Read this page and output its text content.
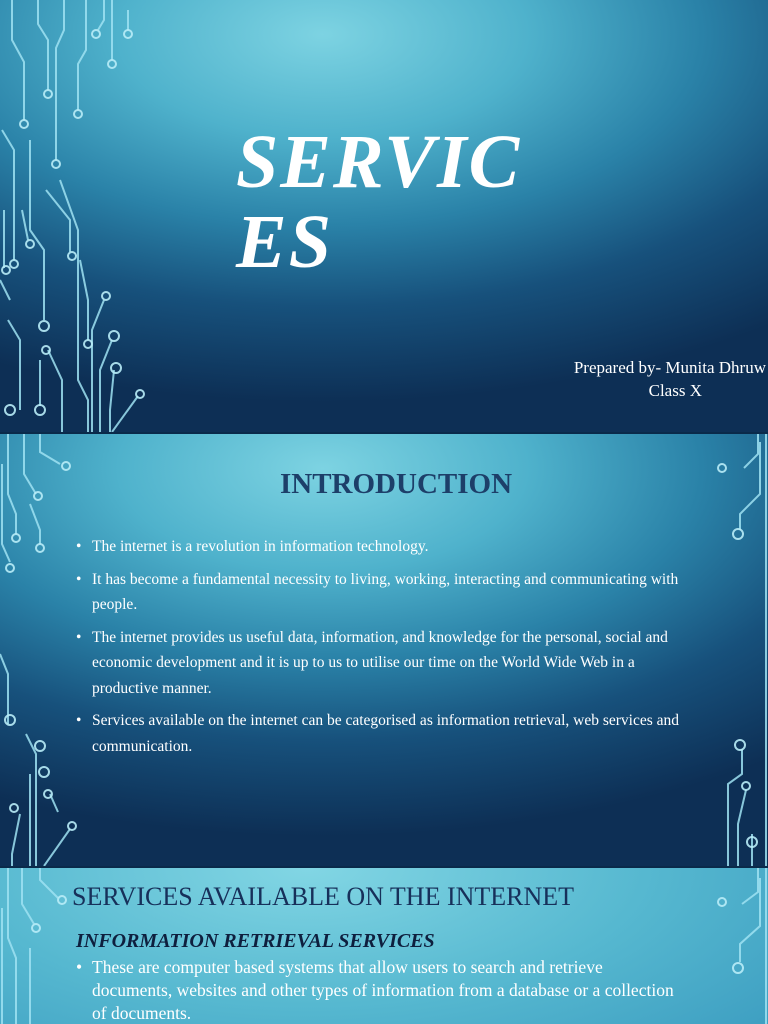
SERVIC
ES

Prepared by- Munita Dhruw
Class X

INTRODUCTION
• The internet is a revolution in information technology.
• It has become a fundamental necessity to living, working, interacting and communicating with people.
• The internet provides us useful data, information, and knowledge for the personal, social and economic development and it is up to us to utilise our time on the World Wide Web in a productive manner.
• Services available on the internet can be categorised as information retrieval, web services and communication.
SERVICES AVAILABLE ON THE INTERNET
INFORMATION RETRIEVAL SERVICES
• These are computer based systems that allow users to search and retrieve documents, websites and other types of information from a database or a collection of documents.
